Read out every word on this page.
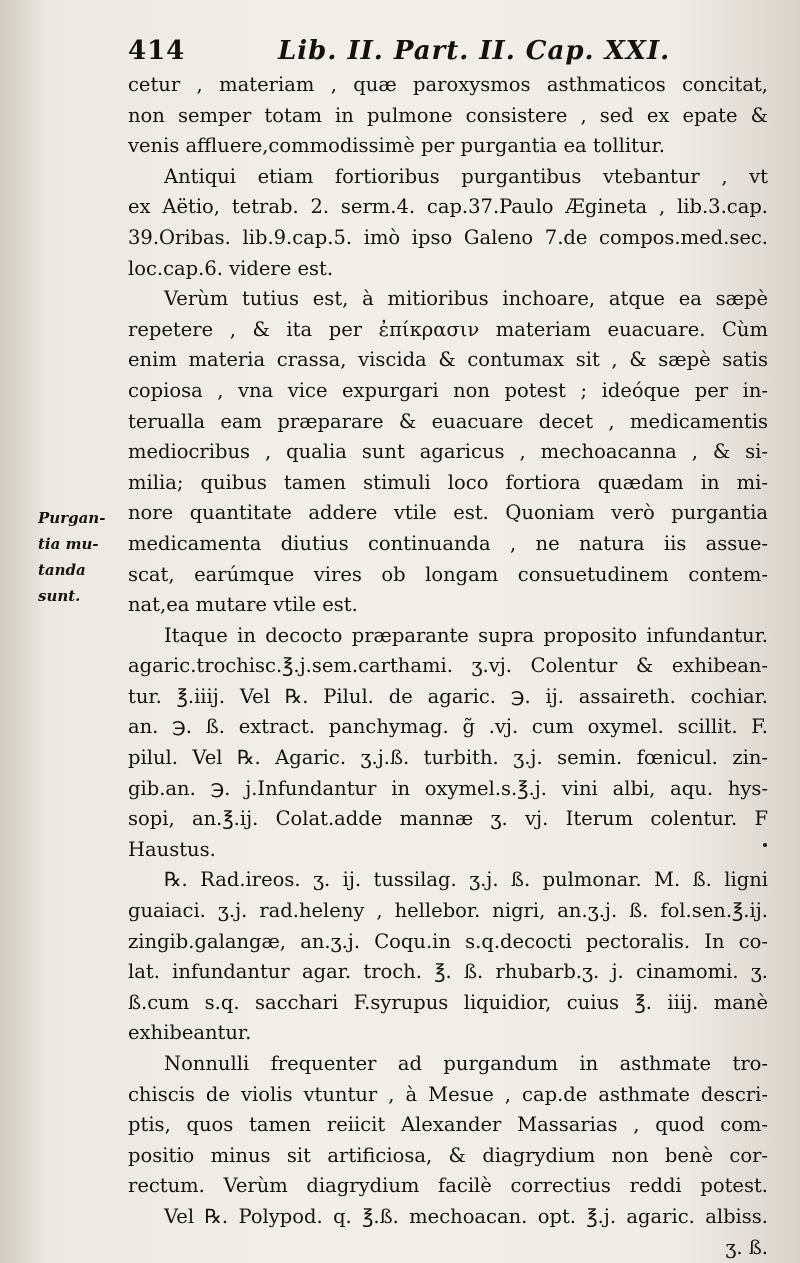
414	Lib. II. Part. II. Cap. XXI.
Purgan-
tia mu-
tanda
sunt.
cetur , materiam , quæ paroxysmos asthmaticos concitat,
non semper totam in pulmone consistere , sed ex epate &
venis affluere,commodissimè per purgantia ea tollitur.
Antiqui etiam fortioribus purgantibus vtebantur , vt
ex Aëtio, tetrab. 2. serm.4. cap.37.Paulo Ægineta , lib.3.cap.
39.Oribas. lib.9.cap.5. imò ipso Galeno 7.de compos.med.sec.
loc.cap.6. videre est.
Verùm tutius est, à mitioribus inchoare, atque ea sæpè
repetere , & ita per ἐπίκρασιν materiam euacuare. Cùm
enim materia crassa, viscida & contumax sit , & sæpè satis
copiosa , vna vice expurgari non potest ; ideóque per in-
terualla eam præparare & euacuare decet , medicamentis
mediocribus , qualia sunt agaricus , mechoacanna , & si-
milia; quibus tamen stimuli loco fortiora quædam in mi-
nore quantitate addere vtile est. Quoniam verò purgantia
medicamenta diutius continuanda , ne natura iis assue-
scat, earúmque vires ob longam consuetudinem contem-
nat,ea mutare vtile est.
Itaque in decocto præparante supra proposito infundantur.
agaric.trochisc.℥.j.sem.carthami. ʒ.vj. Colentur & exhibean-
tur. ℥.iiij. Vel ℞. Pilul. de agaric. ℈. ij. assaireth. cochiar.
an. ℈. ß. extract. panchymag. g̃ .vj. cum oxymel. scillit. F.
pilul. Vel ℞. Agaric. ʒ.j.ß. turbith. ʒ.j. semin. fœnicul. zin-
gib.an. ℈. j.Infundantur in oxymel.s.℥.j. vini albi, aqu. hys-
sopi, an.℥.ij. Colat.adde mannæ ʒ. vj. Iterum colentur. F
Haustus.
℞. Rad.ireos. ʒ. ij. tussilag. ʒ.j. ß. pulmonar. M. ß. ligni
guaiaci. ʒ.j. rad.heleny , hellebor. nigri, an.ʒ.j. ß. fol.sen.℥.ij.
zingib.galangæ, an.ʒ.j. Coqu.in s.q.decocti pectoralis. In co-
lat. infundantur agar. troch. ℥. ß. rhubarb.ʒ. j. cinamomi. ʒ.
ß.cum s.q. sacchari F.syrupus liquidior, cuius ℥. iiij. manè
exhibeantur.
Nonnulli frequenter ad purgandum in asthmate tro-
chiscis de violis vtuntur , à Mesue , cap.de asthmate descri-
ptis, quos tamen reiicit Alexander Massarias , quod com-
positio minus sit artificiosa, & diagrydium non benè cor-
rectum. Verùm diagrydium facilè correctius reddi potest.
Vel ℞. Polypod. q. ℥.ß. mechoacan. opt. ℥.j. agaric. albiss.
ʒ. ß.
